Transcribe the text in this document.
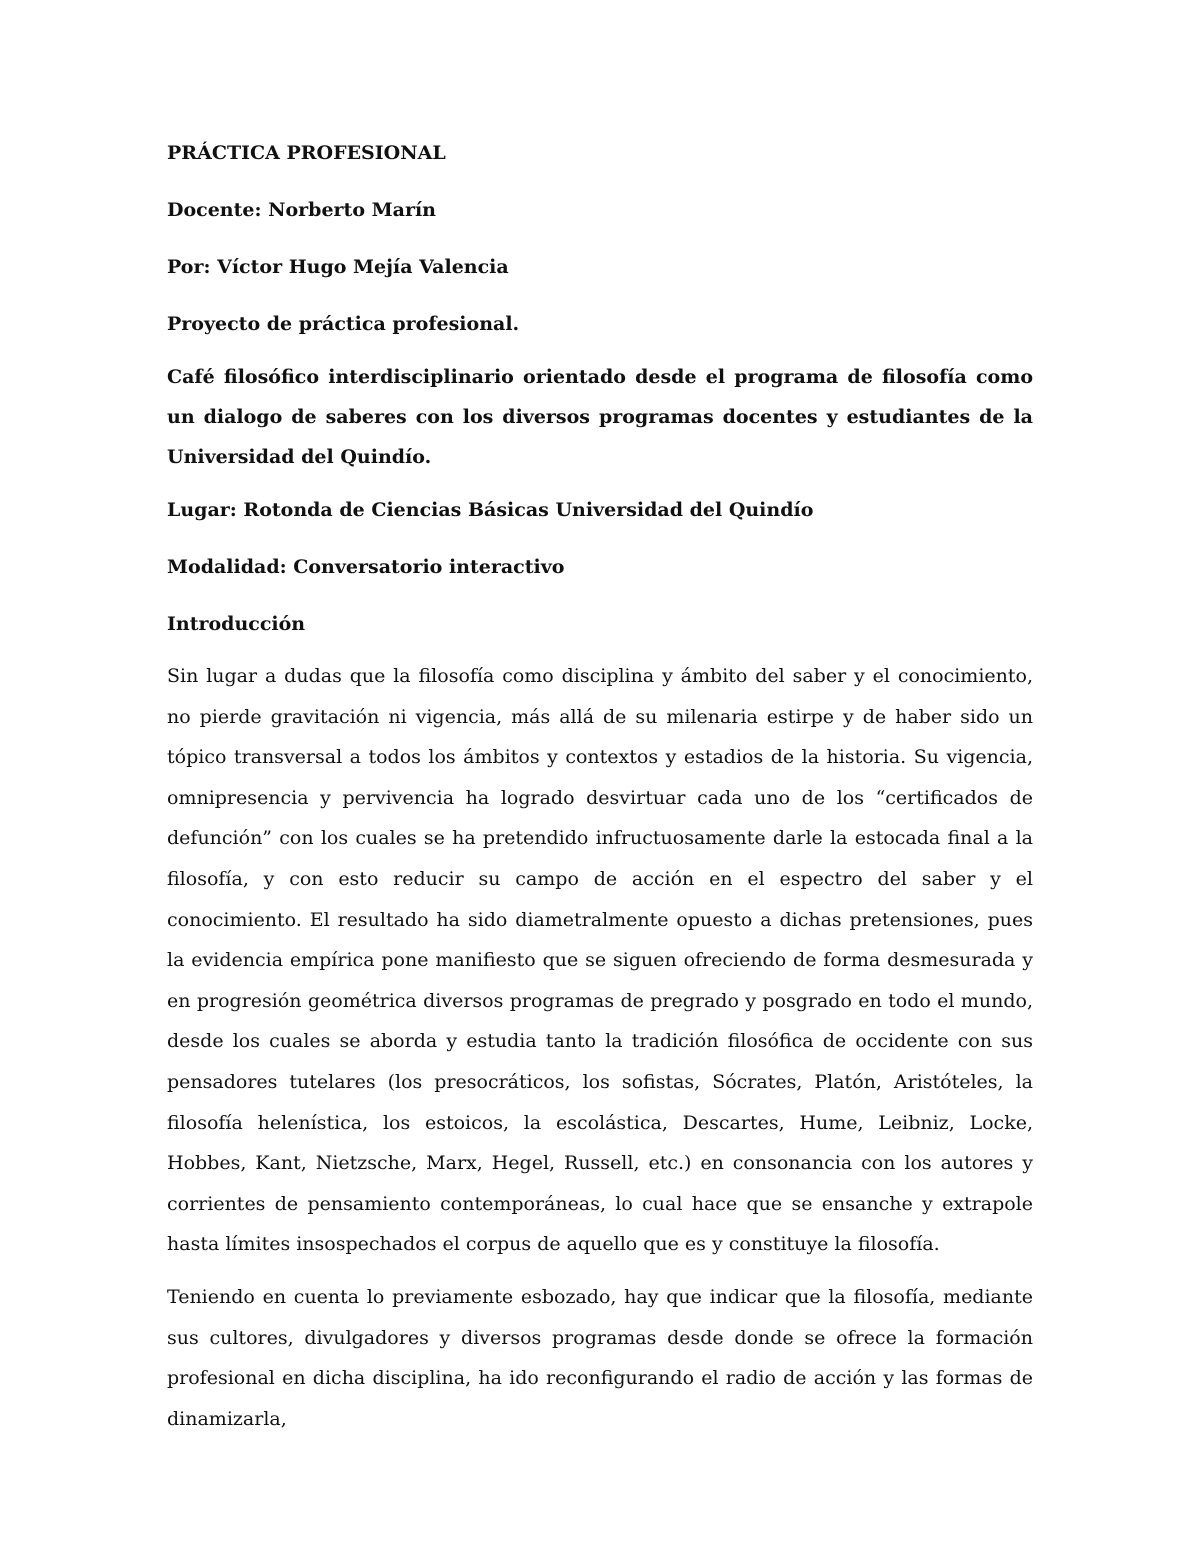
PRÁCTICA PROFESIONAL

Docente: Norberto Marín

Por: Víctor Hugo Mejía Valencia

Proyecto de práctica profesional.

Café filosófico interdisciplinario orientado desde el programa de filosofía como un dialogo de saberes con los diversos programas docentes y estudiantes de la Universidad del Quindío.

Lugar: Rotonda de Ciencias Básicas Universidad del Quindío

Modalidad: Conversatorio interactivo

Introducción

Sin lugar a dudas que la filosofía como disciplina y ámbito del saber y el conocimiento, no pierde gravitación ni vigencia, más allá de su milenaria estirpe y de haber sido un tópico transversal a todos los ámbitos y contextos y estadios de la historia. Su vigencia, omnipresencia y pervivencia ha logrado desvirtuar cada uno de los “certificados de defunción” con los cuales se ha pretendido infructuosamente darle la estocada final a la filosofía, y con esto reducir su campo de acción en el espectro del saber y el conocimiento. El resultado ha sido diametralmente opuesto a dichas pretensiones, pues la evidencia empírica pone manifiesto que se siguen ofreciendo de forma desmesurada y en progresión geométrica diversos programas de pregrado y posgrado en todo el mundo, desde los cuales se aborda y estudia tanto la tradición filosófica de occidente con sus pensadores tutelares (los presocráticos, los sofistas, Sócrates, Platón, Aristóteles, la filosofía helenística, los estoicos, la escolástica, Descartes, Hume, Leibniz, Locke, Hobbes, Kant, Nietzsche, Marx, Hegel, Russell, etc.) en consonancia con los autores y corrientes de pensamiento contemporáneas, lo cual hace que se ensanche y extrapole hasta límites insospechados el corpus de aquello que es y constituye la filosofía.

Teniendo en cuenta lo previamente esbozado, hay que indicar que la filosofía, mediante sus cultores, divulgadores y diversos programas desde donde se ofrece la formación profesional en dicha disciplina, ha ido reconfigurando el radio de acción y las formas de dinamizarla,
